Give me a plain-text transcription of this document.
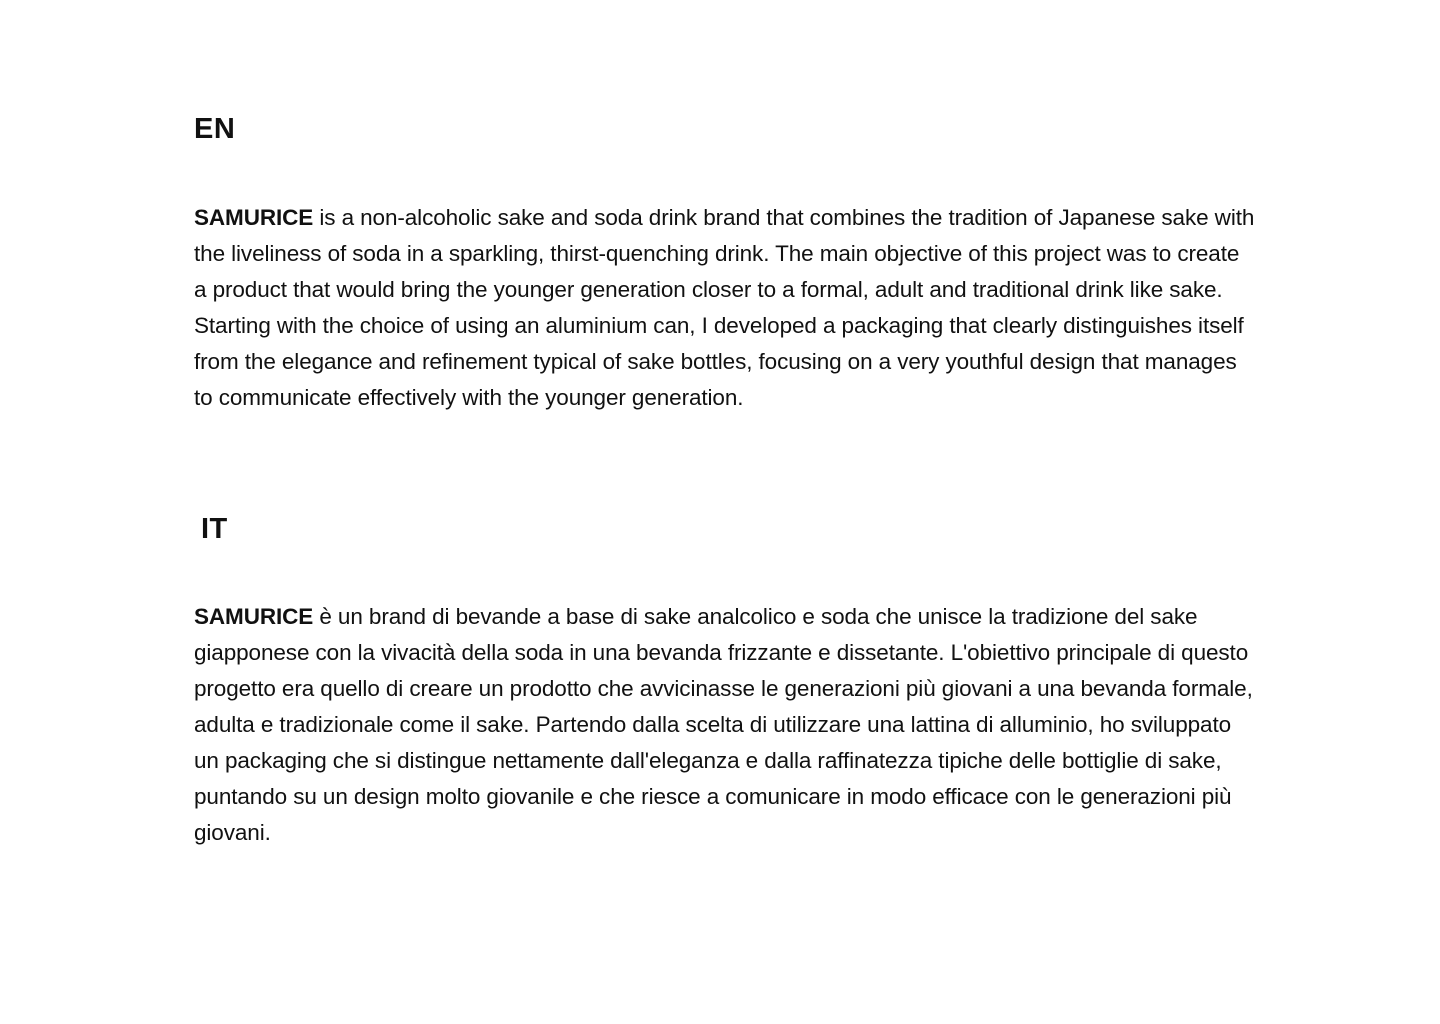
EN

SAMURICE is a non-alcoholic sake and soda drink brand that combines the tradition of Japanese sake with the liveliness of soda in a sparkling, thirst-quenching drink. The main objective of this project was to create a product that would bring the younger generation closer to a formal, adult and traditional drink like sake. Starting with the choice of using an aluminium can, I developed a packaging that clearly distinguishes itself from the elegance and refinement typical of sake bottles, focusing on a very youthful design that manages to communicate effectively with the younger generation.

IT

SAMURICE è un brand di bevande a base di sake analcolico e soda che unisce la tradizione del sake giapponese con la vivacità della soda in una bevanda frizzante e dissetante. L'obiettivo principale di questo progetto era quello di creare un prodotto che avvicinasse le generazioni più giovani a una bevanda formale, adulta e tradizionale come il sake. Partendo dalla scelta di utilizzare una lattina di alluminio, ho sviluppato un packaging che si distingue nettamente dall'eleganza e dalla raffinatezza tipiche delle bottiglie di sake, puntando su un design molto giovanile e che riesce a comunicare in modo efficace con le generazioni più giovani.
